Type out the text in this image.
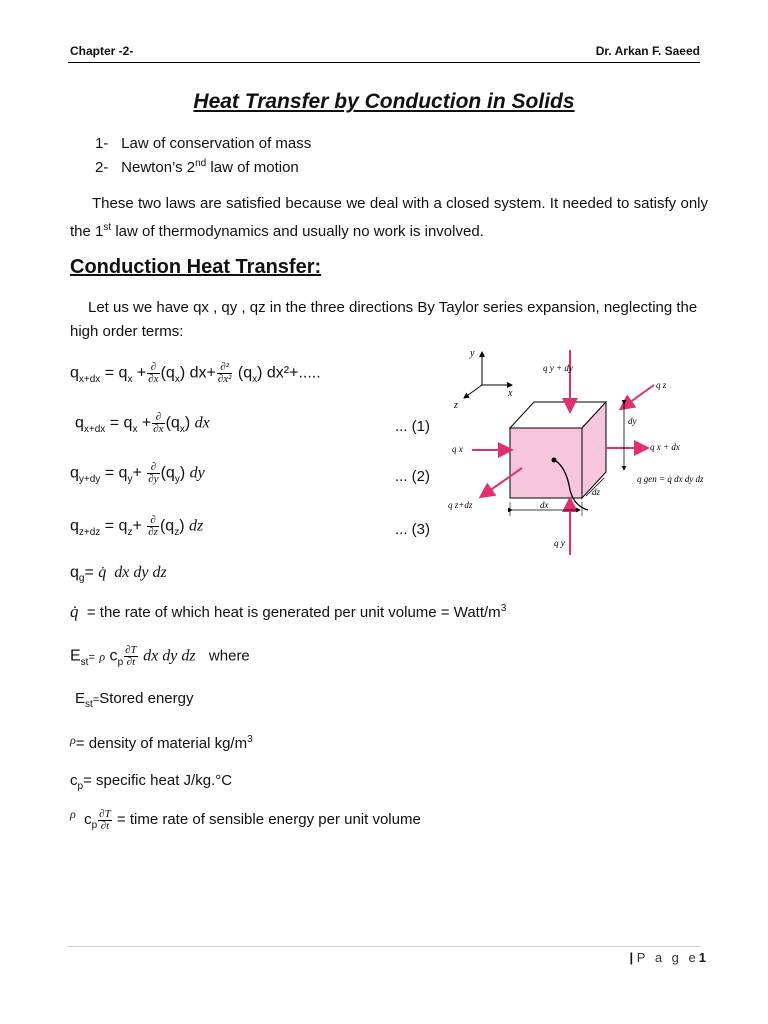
Chapter -2-	Dr. Arkan F. Saeed
Heat Transfer by Conduction in Solids
1- Law of conservation of mass
2- Newton’s 2nd law of motion
These two laws are satisfied because we deal with a closed system. It needed to satisfy only the 1st law of thermodynamics and usually no work is involved.
Conduction Heat Transfer:
Let us we have qx , qy , qz in the three directions By Taylor series expansion, neglecting the high order terms:
$q_{x+dx} = q_x + \frac{\partial}{\partial x} (q_x)$ $dx+ \frac{\text{∂²}}{\text{∂x²}} (q_x)$ dx²+.....
$q_{x+dx} = q_x + \frac{\partial}{\partial x} (q_x)$ dx	... (1)
$q_{y+dy} = q_y+ \frac{\partial}{\partial y} (q_y)$ dy	... (2)
$q_{z+dz} = q_z+ \frac{\partial}{\partial z} (q_z)$ dz	... (3)
$q_g=$ q̇  dx dy dz
q̇ = the rate of which heat is generated per unit volume = Watt/$m^3$
$E_{st}= \rho$ $c_p \frac{\partial T}{\partial t}$ dx dy dz where
$E_{st}=Stored$ energy
$^\rho$= density of material $kg/m^3$
$c_p=$ specific heat J/kg.°C
$^\rho$  $c_p \frac{\partial T}{\partial t}$ = time rate of sensible energy per unit volume
y
x
z
q y + dy
q z
dy
q x	q x + dx
q gen = q̇ dx dy dz
q z+dz	dx
dz
q y
| P a g e1
